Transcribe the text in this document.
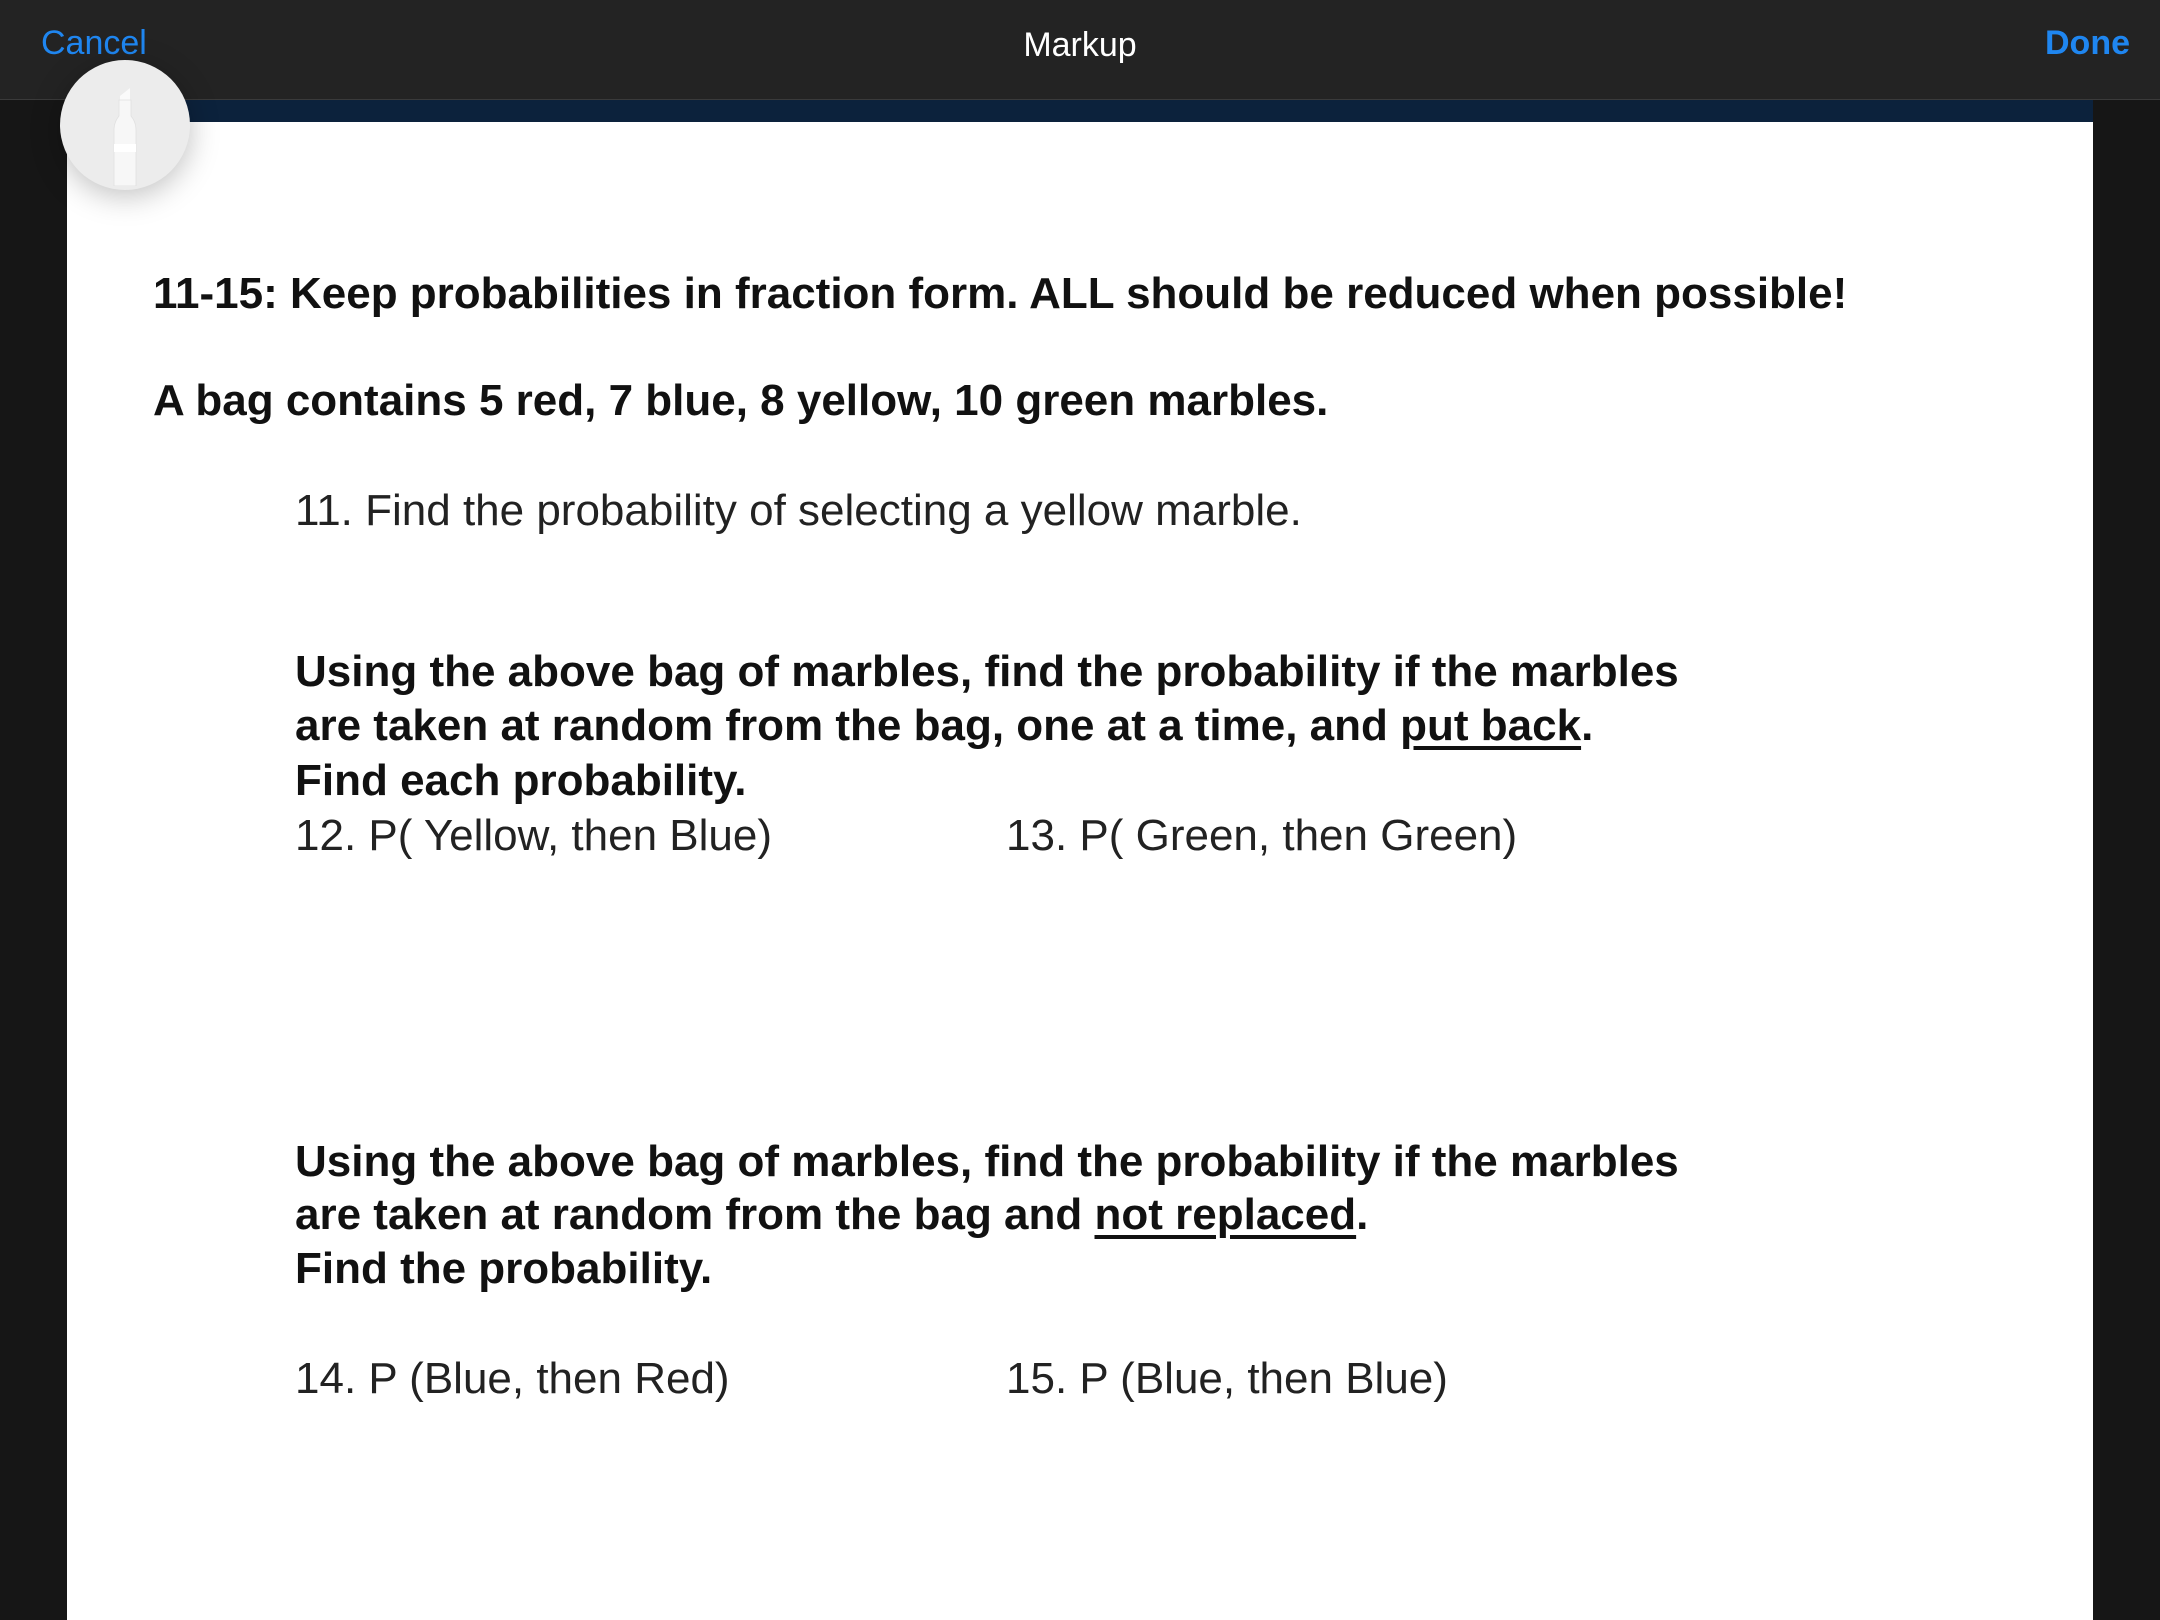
Cancel	Markup	Done
11-15: Keep probabilities in fraction form. ALL should be reduced when possible!
A bag contains 5 red, 7 blue, 8 yellow, 10 green marbles.
11. Find the probability of selecting a yellow marble.
Using the above bag of marbles, find the probability if the marbles
are taken at random from the bag, one at a time, and put back.
Find each probability.
12. P( Yellow, then Blue)	13. P( Green, then Green)
Using the above bag of marbles, find the probability if the marbles
are taken at random from the bag and not replaced.
Find the probability.
14. P (Blue, then Red)	15. P (Blue, then Blue)
